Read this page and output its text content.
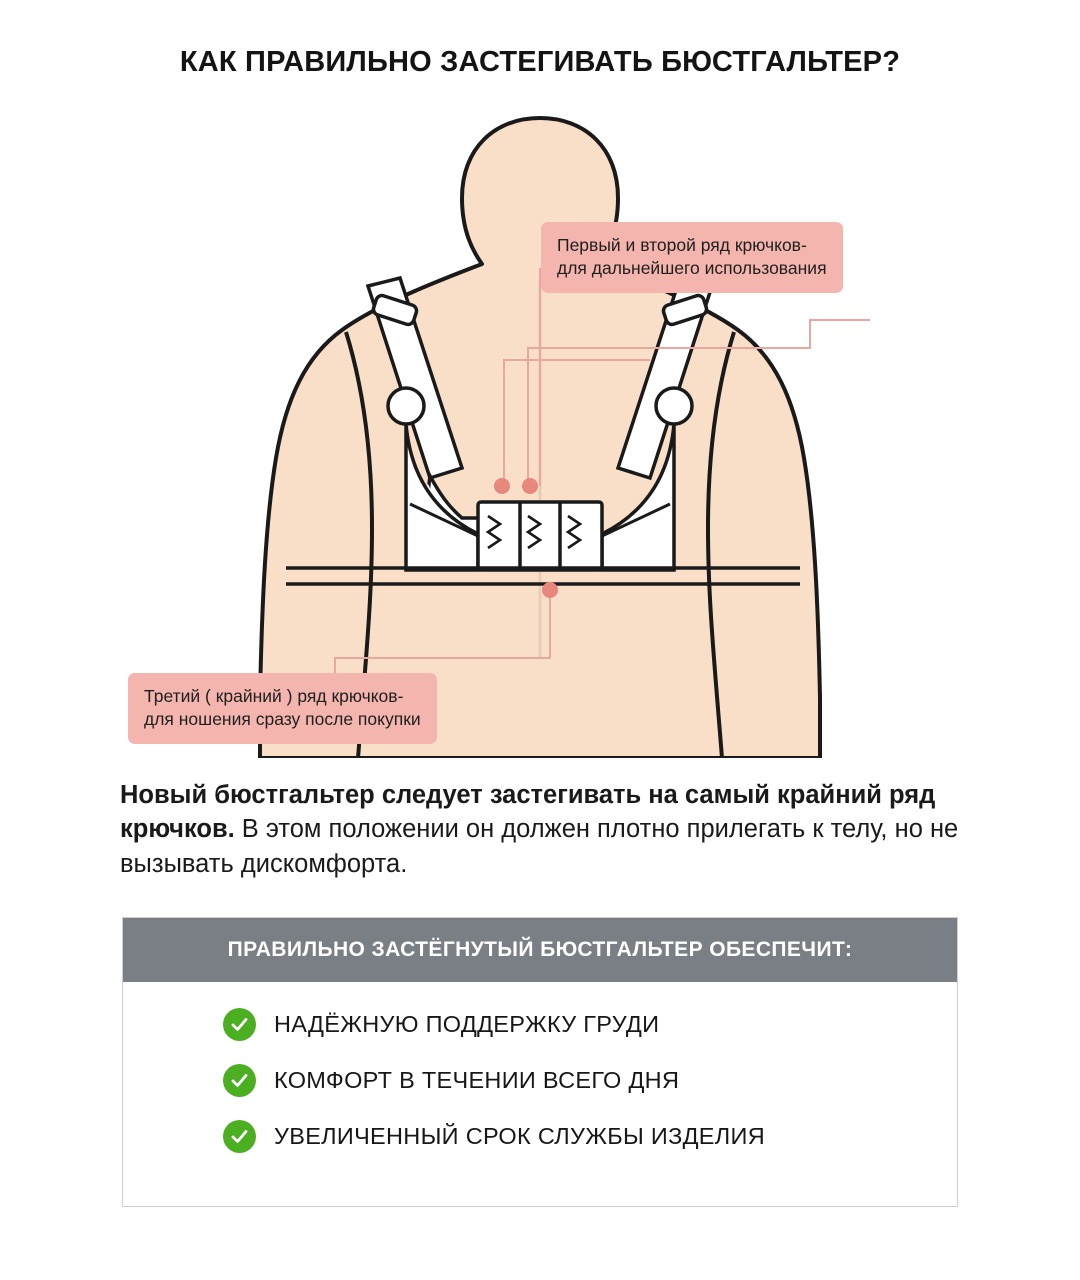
КАК ПРАВИЛЬНО ЗАСТЕГИВАТЬ БЮСТГАЛЬТЕР?
Первый и второй ряд крючков-
для дальнейшего использования
Третий ( крайний ) ряд крючков-
для ношения сразу после покупки
Новый бюстгальтер следует застегивать на самый крайний ряд крючков. В этом положении он должен плотно прилегать к телу, но не вызывать дискомфорта.
ПРАВИЛЬНО ЗАСТЁГНУТЫЙ БЮСТГАЛЬТЕР ОБЕСПЕЧИТ:
НАДЁЖНУЮ ПОДДЕРЖКУ ГРУДИ
КОМФОРТ В ТЕЧЕНИИ ВСЕГО ДНЯ
УВЕЛИЧЕННЫЙ СРОК СЛУЖБЫ ИЗДЕЛИЯ
